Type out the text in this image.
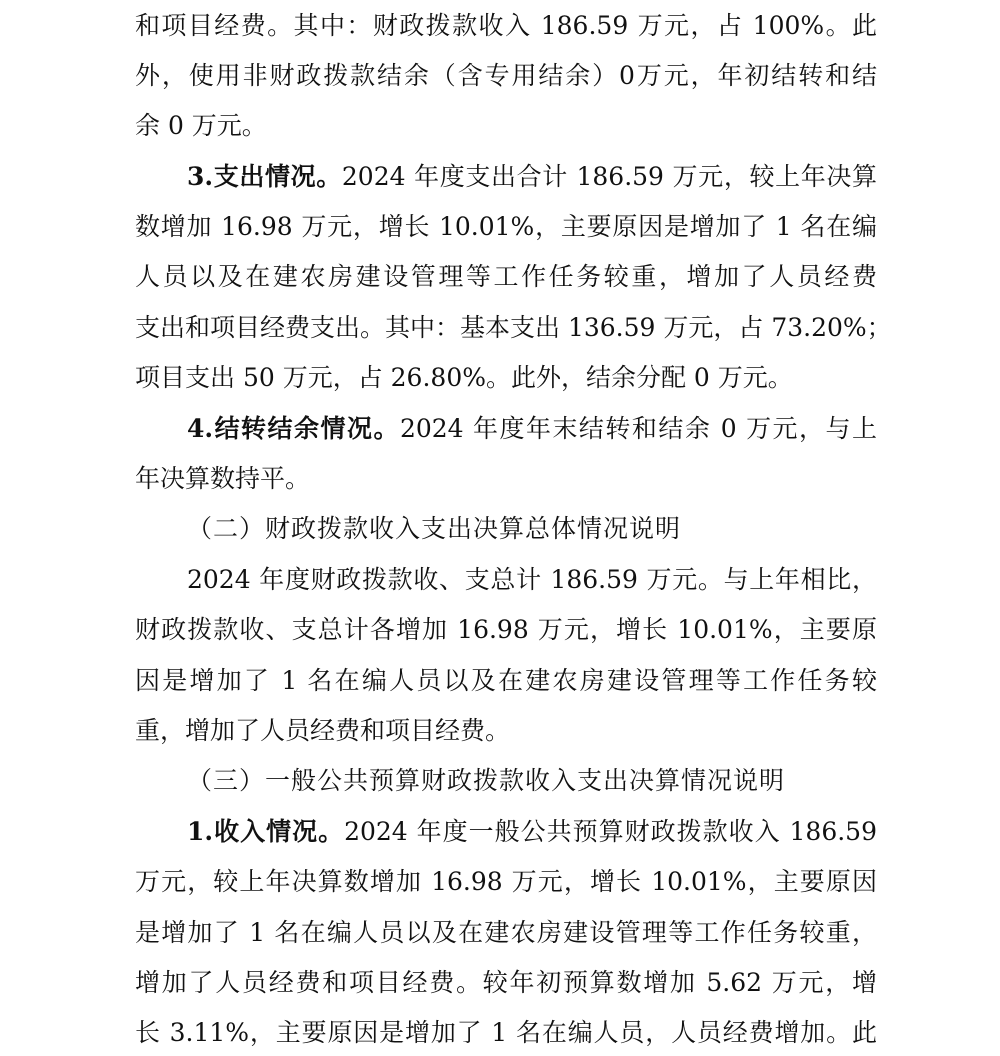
和项目经费。其中：财政拨款收入 186.59 万元，占 100%。此
外，使用非财政拨款结余（含专用结余）0万元，年初结转和结
余 0 万元。
3.支出情况。2024 年度支出合计 186.59 万元，较上年决算
数增加 16.98 万元，增长 10.01%，主要原因是增加了 1 名在编
人员以及在建农房建设管理等工作任务较重，增加了人员经费
支出和项目经费支出。其中：基本支出 136.59 万元，占 73.20%；
项目支出 50 万元，占 26.80%。此外，结余分配 0 万元。
4.结转结余情况。2024 年度年末结转和结余 0 万元，与上
年决算数持平。
（二）财政拨款收入支出决算总体情况说明
2024 年度财政拨款收、支总计 186.59 万元。与上年相比，
财政拨款收、支总计各增加 16.98 万元，增长 10.01%，主要原
因是增加了 1 名在编人员以及在建农房建设管理等工作任务较
重，增加了人员经费和项目经费。
（三）一般公共预算财政拨款收入支出决算情况说明
1.收入情况。2024 年度一般公共预算财政拨款收入 186.59
万元，较上年决算数增加 16.98 万元，增长 10.01%，主要原因
是增加了 1 名在编人员以及在建农房建设管理等工作任务较重，
增加了人员经费和项目经费。较年初预算数增加 5.62 万元，增
长 3.11%，主要原因是增加了 1 名在编人员，人员经费增加。此
